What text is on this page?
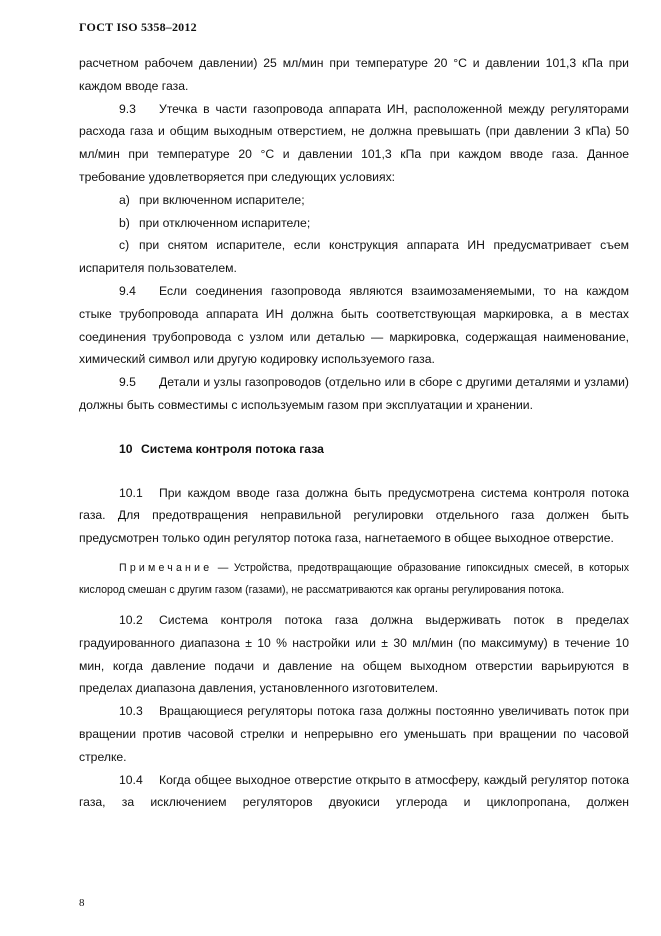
ГОСТ ISO 5358–2012

расчетном рабочем давлении) 25 мл/мин при температуре 20 °С и давлении 101,3 кПа при каждом вводе газа.

9.3 Утечка в части газопровода аппарата ИН, расположенной между регуляторами расхода газа и общим выходным отверстием, не должна превышать (при давлении 3 кПа) 50 мл/мин при температуре 20 °С и давлении 101,3 кПа при каждом вводе газа. Данное требование удовлетворяется при следующих условиях:

a) при включенном испарителе;

b) при отключенном испарителе;

c) при снятом испарителе, если конструкция аппарата ИН предусматривает съем испарителя пользователем.

9.4 Если соединения газопровода являются взаимозаменяемыми, то на каждом стыке трубопровода аппарата ИН должна быть соответствующая маркировка, а в местах соединения трубопровода с узлом или деталью — маркировка, содержащая наименование, химический символ или другую кодировку используемого газа.

9.5 Детали и узлы газопроводов (отдельно или в сборе с другими деталями и узлами) должны быть совместимы с используемым газом при эксплуатации и хранении.

10 Система контроля потока газа

10.1 При каждом вводе газа должна быть предусмотрена система контроля потока газа. Для предотвращения неправильной регулировки отдельного газа должен быть предусмотрен только один регулятор потока газа, нагнетаемого в общее выходное отверстие.

Примечание — Устройства, предотвращающие образование гипоксидных смесей, в которых кислород смешан с другим газом (газами), не рассматриваются как органы регулирования потока.

10.2 Система контроля потока газа должна выдерживать поток в пределах градуированного диапазона ± 10 % настройки или ± 30 мл/мин (по максимуму) в течение 10 мин, когда давление подачи и давление на общем выходном отверстии варьируются в пределах диапазона давления, установленного изготовителем.

10.3 Вращающиеся регуляторы потока газа должны постоянно увеличивать поток при вращении против часовой стрелки и непрерывно его уменьшать при вращении по часовой стрелке.

10.4 Когда общее выходное отверстие открыто в атмосферу, каждый регулятор потока газа, за исключением регуляторов двуокиси углерода и циклопропана, должен

8
